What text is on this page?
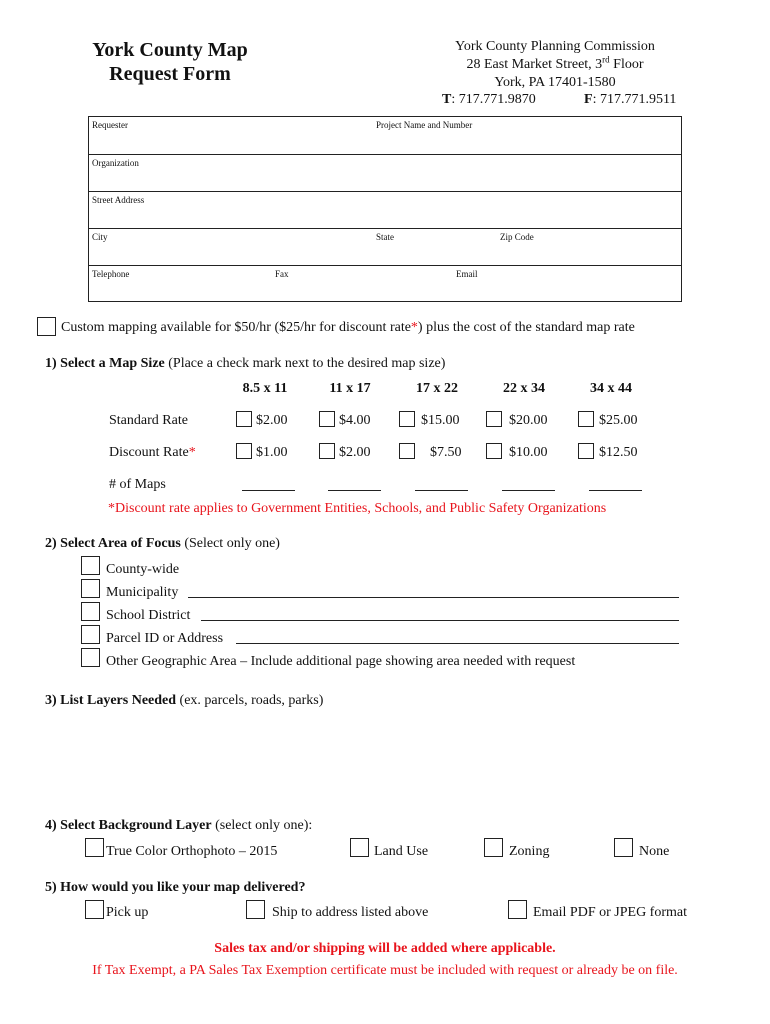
York County Map
Request Form
York County Planning Commission
28 East Market Street, 3rd Floor
York, PA 17401-1580
T: 717.771.9870	F: 717.771.9511
Requester	Project Name and Number
Organization
Street Address
City	State	Zip Code
Telephone	Fax	Email
Custom mapping available for $50/hr ($25/hr for discount rate*) plus the cost of the standard map rate
1) Select a Map Size (Place a check mark next to the desired map size)
8.5 x 11	11 x 17	17 x 22	22 x 34	34 x 44
Standard Rate	$2.00	$4.00	$15.00	$20.00	$25.00
Discount Rate*	$1.00	$2.00	$7.50	$10.00	$12.50
# of Maps
*Discount rate applies to Government Entities, Schools, and Public Safety Organizations
2) Select Area of Focus (Select only one)
County-wide
Municipality
School District
Parcel ID or Address
Other Geographic Area – Include additional page showing area needed with request
3) List Layers Needed (ex. parcels, roads, parks)
4) Select Background Layer (select only one):
True Color Orthophoto – 2015	Land Use	Zoning	None
5) How would you like your map delivered?
Pick up	Ship to address listed above	Email PDF or JPEG format
Sales tax and/or shipping will be added where applicable.
If Tax Exempt, a PA Sales Tax Exemption certificate must be included with request or already be on file.
